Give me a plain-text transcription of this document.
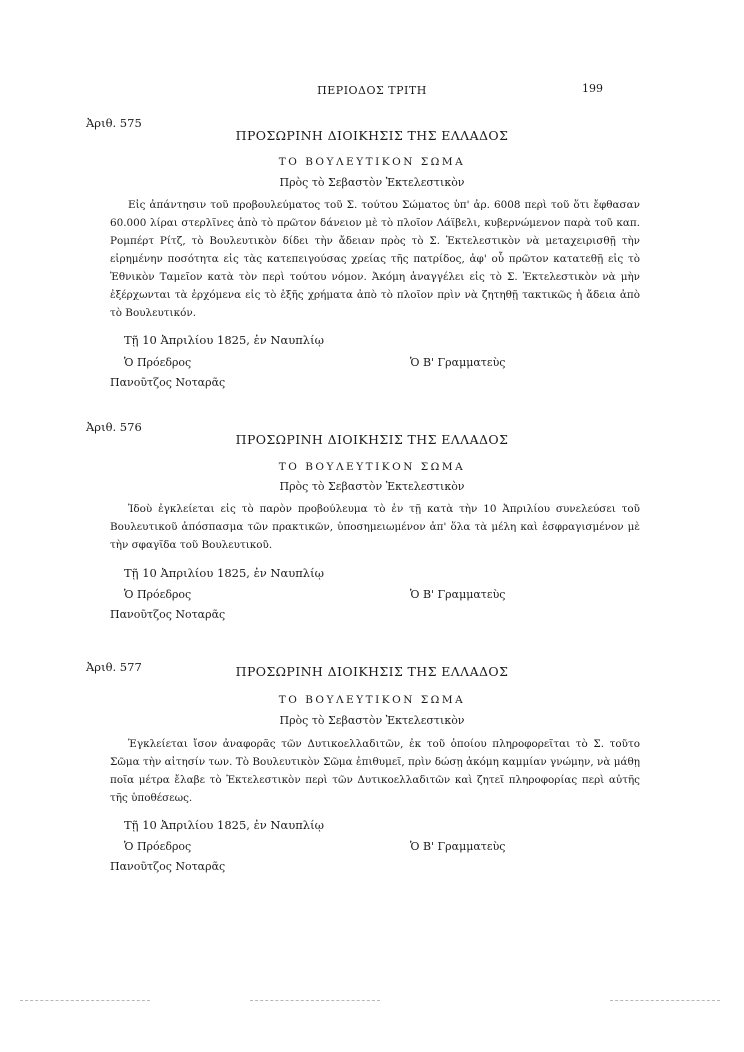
ΠΕΡΙΟΔΟΣ ΤΡΙΤΗ	199
Ἀριθ. 575
ΠΡΟΣΩΡΙΝΗ ΔΙΟΙΚΗΣΙΣ ΤΗΣ ΕΛΛΑΔΟΣ
ΤΟ ΒΟΥΛΕΥΤΙΚΟΝ ΣΩΜΑ
Πρὸς τὸ Σεβαστὸν Ἐκτελεστικὸν
Εἰς ἀπάντησιν τοῦ προβουλεύματος τοῦ Σ. τούτου Σώματος ὑπ' ἀρ. 6008 περὶ τοῦ ὅτι ἔφθασαν 60.000 λίραι στερλῖνες ἀπὸ τὸ πρῶτον δάνειον μὲ τὸ πλοῖον Λάϊβελι, κυβερνώμενον παρὰ τοῦ καπ. Ρομπέρτ Ρίτζ, τὸ Βουλευτικὸν δίδει τὴν ἄδειαν πρὸς τὸ Σ. Ἐκτελεστικὸν νὰ μεταχειρισθῇ τὴν εἰρημένην ποσότητα εἰς τὰς κατεπειγούσας χρείας τῆς πατρίδος, ἀφ' οὗ πρῶτον κατατεθῇ εἰς τὸ Ἐθνικὸν Ταμεῖον κατὰ τὸν περὶ τούτου νόμον. Ἀκόμη ἀναγγέλει εἰς τὸ Σ. Ἐκτελεστικὸν νὰ μὴν ἐξέρχωνται τὰ ἐρχόμενα εἰς τὸ ἑξῆς χρήματα ἀπὸ τὸ πλοῖον πρὶν νὰ ζητηθῇ τακτικῶς ἡ ἄδεια ἀπὸ τὸ Βουλευτικόν.
Τῇ 10 Ἀπριλίου 1825, ἐν Ναυπλίῳ
Ὁ Πρόεδρος	Ὁ Β' Γραμματεὺς
Πανοῦτζος Νοταρᾶς
Ἀριθ. 576
ΠΡΟΣΩΡΙΝΗ ΔΙΟΙΚΗΣΙΣ ΤΗΣ ΕΛΛΑΔΟΣ
ΤΟ ΒΟΥΛΕΥΤΙΚΟΝ ΣΩΜΑ
Πρὸς τὸ Σεβαστὸν Ἐκτελεστικὸν
Ἰδοὺ ἐγκλείεται εἰς τὸ παρὸν προβούλευμα τὸ ἐν τῇ κατὰ τὴν 10 Ἀπριλίου συνελεύσει τοῦ Βουλευτικοῦ ἀπόσπασμα τῶν πρακτικῶν, ὑποσημειωμένον ἀπ' ὅλα τὰ μέλη καὶ ἐσφραγισμένον μὲ τὴν σφαγῖδα τοῦ Βουλευτικοῦ.
Τῇ 10 Ἀπριλίου 1825, ἐν Ναυπλίῳ
Ὁ Πρόεδρος	Ὁ Β' Γραμματεὺς
Πανοῦτζος Νοταρᾶς
Ἀριθ. 577	ΠΡΟΣΩΡΙΝΗ ΔΙΟΙΚΗΣΙΣ ΤΗΣ ΕΛΛΑΔΟΣ
ΤΟ ΒΟΥΛΕΥΤΙΚΟΝ ΣΩΜΑ
Πρὸς τὸ Σεβαστὸν Ἐκτελεστικὸν
Ἐγκλείεται ἴσον ἀναφορᾶς τῶν Δυτικοελλαδιτῶν, ἐκ τοῦ ὁποίου πληροφορεῖται τὸ Σ. τοῦτο Σῶμα τὴν αἰτησίν των. Τὸ Βουλευτικὸν Σῶμα ἐπιθυμεῖ, πρὶν δώσῃ ἀκόμη καμμίαν γνώμην, νὰ μάθῃ ποῖα μέτρα ἔλαβε τὸ Ἐκτελεστικὸν περὶ τῶν Δυτικοελλαδιτῶν καὶ ζητεῖ πληροφορίας περὶ αὐτῆς τῆς ὑποθέσεως.
Τῇ 10 Ἀπριλίου 1825, ἐν Ναυπλίῳ
Ὁ Πρόεδρος	Ὁ Β' Γραμματεὺς
Πανοῦτζος Νοταρᾶς
